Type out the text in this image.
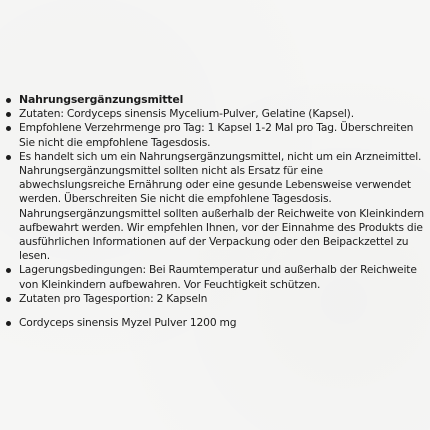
Nahrungsergänzungsmittel
Zutaten: Cordyceps sinensis Mycelium-Pulver, Gelatine (Kapsel).
Empfohlene Verzehrmenge pro Tag: 1 Kapsel 1-2 Mal pro Tag. Überschreiten Sie nicht die empfohlene Tagesdosis.
Es handelt sich um ein Nahrungsergänzungsmittel, nicht um ein Arzneimittel. Nahrungsergänzungsmittel sollten nicht als Ersatz für eine abwechslungsreiche Ernährung oder eine gesunde Lebensweise verwendet werden. Überschreiten Sie nicht die empfohlene Tagesdosis. Nahrungsergänzungsmittel sollten außerhalb der Reichweite von Kleinkindern aufbewahrt werden. Wir empfehlen Ihnen, vor der Einnahme des Produkts die ausführlichen Informationen auf der Verpackung oder den Beipackzettel zu lesen.
Lagerungsbedingungen: Bei Raumtemperatur und außerhalb der Reichweite von Kleinkindern aufbewahren. Vor Feuchtigkeit schützen.
Zutaten pro Tagesportion: 2 Kapseln
Cordyceps sinensis Myzel Pulver 1200 mg
